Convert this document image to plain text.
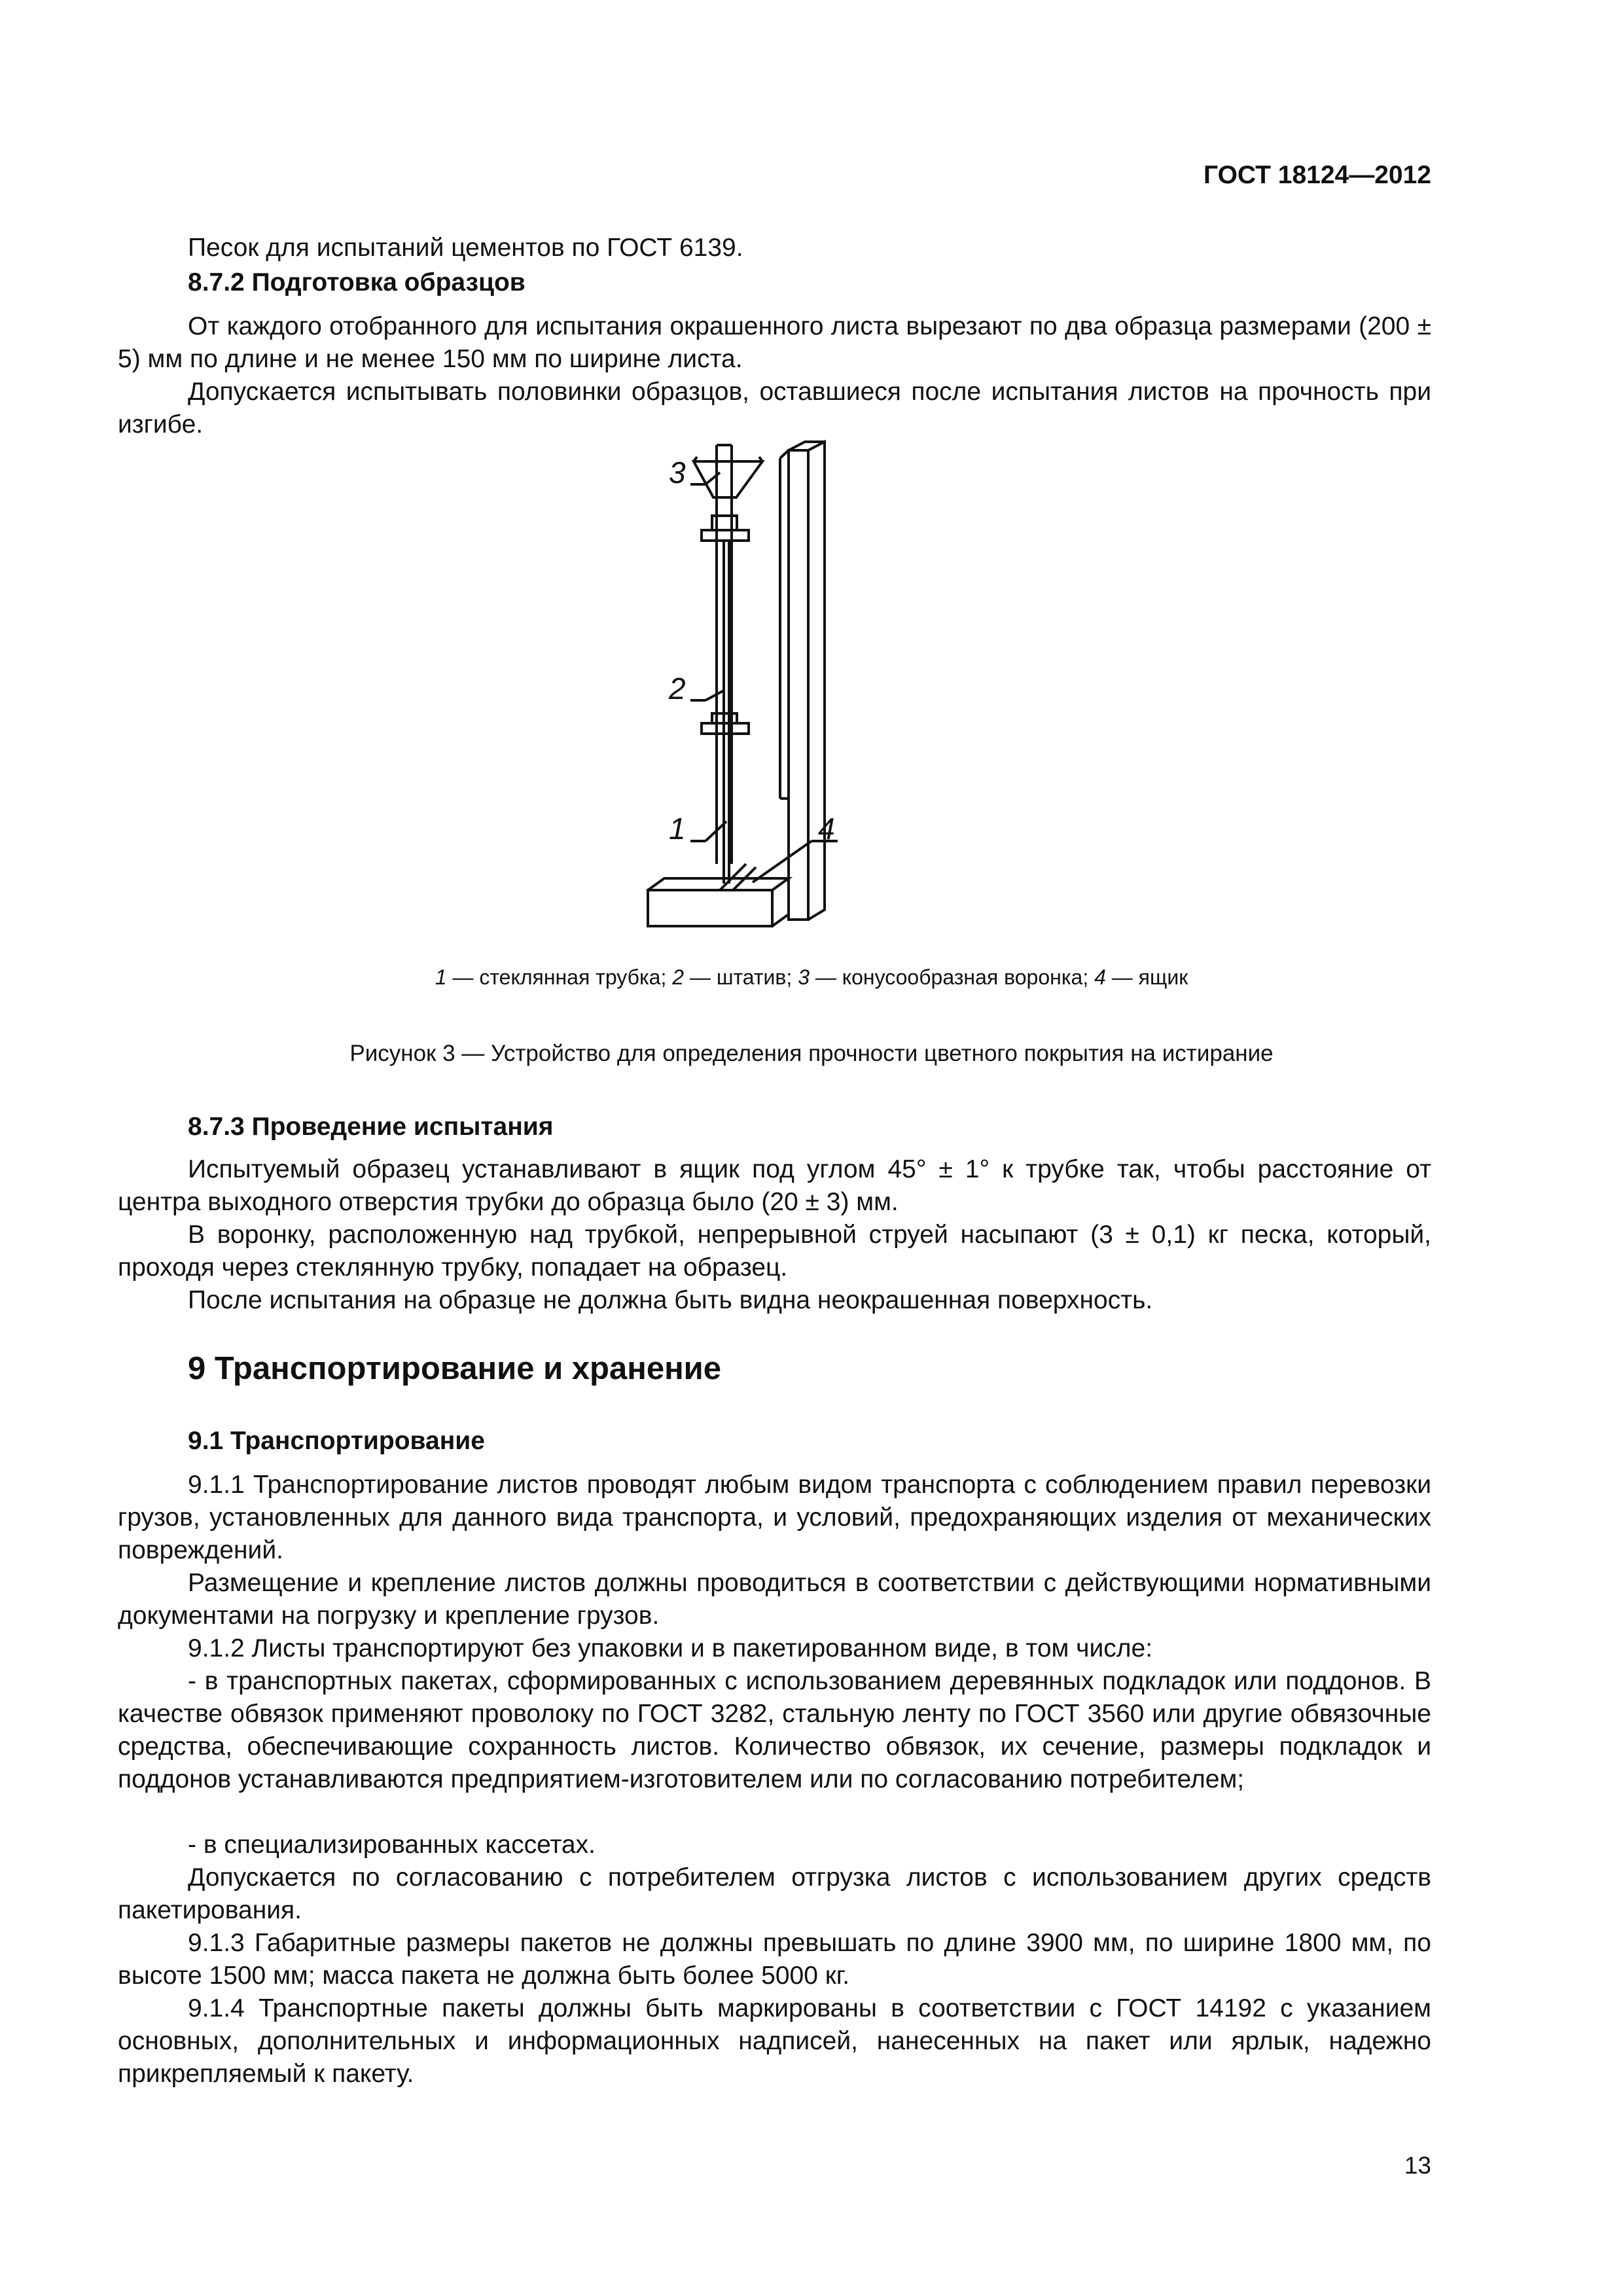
ГОСТ 18124—2012
Песок для испытаний цементов по ГОСТ 6139.
8.7.2 Подготовка образцов
От каждого отобранного для испытания окрашенного листа вырезают по два образца размерами (200 ± 5) мм по длине и не менее 150 мм по ширине листа.
Допускается испытывать половинки образцов, оставшиеся после испытания листов на прочность при изгибе.
3
2
1	4
1 — стеклянная трубка; 2 — штатив; 3 — конусообразная воронка; 4 — ящик
Рисунок 3 — Устройство для определения прочности цветного покрытия на истирание
8.7.3 Проведение испытания
Испытуемый образец устанавливают в ящик под углом 45° ± 1° к трубке так, чтобы расстояние от центра выходного отверстия трубки до образца было (20 ± 3) мм.
В воронку, расположенную над трубкой, непрерывной струей насыпают (3 ± 0,1) кг песка, который, проходя через стеклянную трубку, попадает на образец.
После испытания на образце не должна быть видна неокрашенная поверхность.
9 Транспортирование и хранение
9.1 Транспортирование
9.1.1 Транспортирование листов проводят любым видом транспорта с соблюдением правил перевозки грузов, установленных для данного вида транспорта, и условий, предохраняющих изделия от механических повреждений.
Размещение и крепление листов должны проводиться в соответствии с действующими нормативными документами на погрузку и крепление грузов.
9.1.2 Листы транспортируют без упаковки и в пакетированном виде, в том числе:
- в транспортных пакетах, сформированных с использованием деревянных подкладок или поддонов. В качестве обвязок применяют проволоку по ГОСТ 3282, стальную ленту по ГОСТ 3560 или другие обвязочные средства, обеспечивающие сохранность листов. Количество обвязок, их сечение, размеры подкладок и поддонов устанавливаются предприятием-изготовителем или по согласованию потребителем;
- в специализированных кассетах.
Допускается по согласованию с потребителем отгрузка листов с использованием других средств пакетирования.
9.1.3 Габаритные размеры пакетов не должны превышать по длине 3900 мм, по ширине 1800 мм, по высоте 1500 мм; масса пакета не должна быть более 5000 кг.
9.1.4 Транспортные пакеты должны быть маркированы в соответствии с ГОСТ 14192 с указанием основных, дополнительных и информационных надписей, нанесенных на пакет или ярлык, надежно прикрепляемый к пакету.
13
